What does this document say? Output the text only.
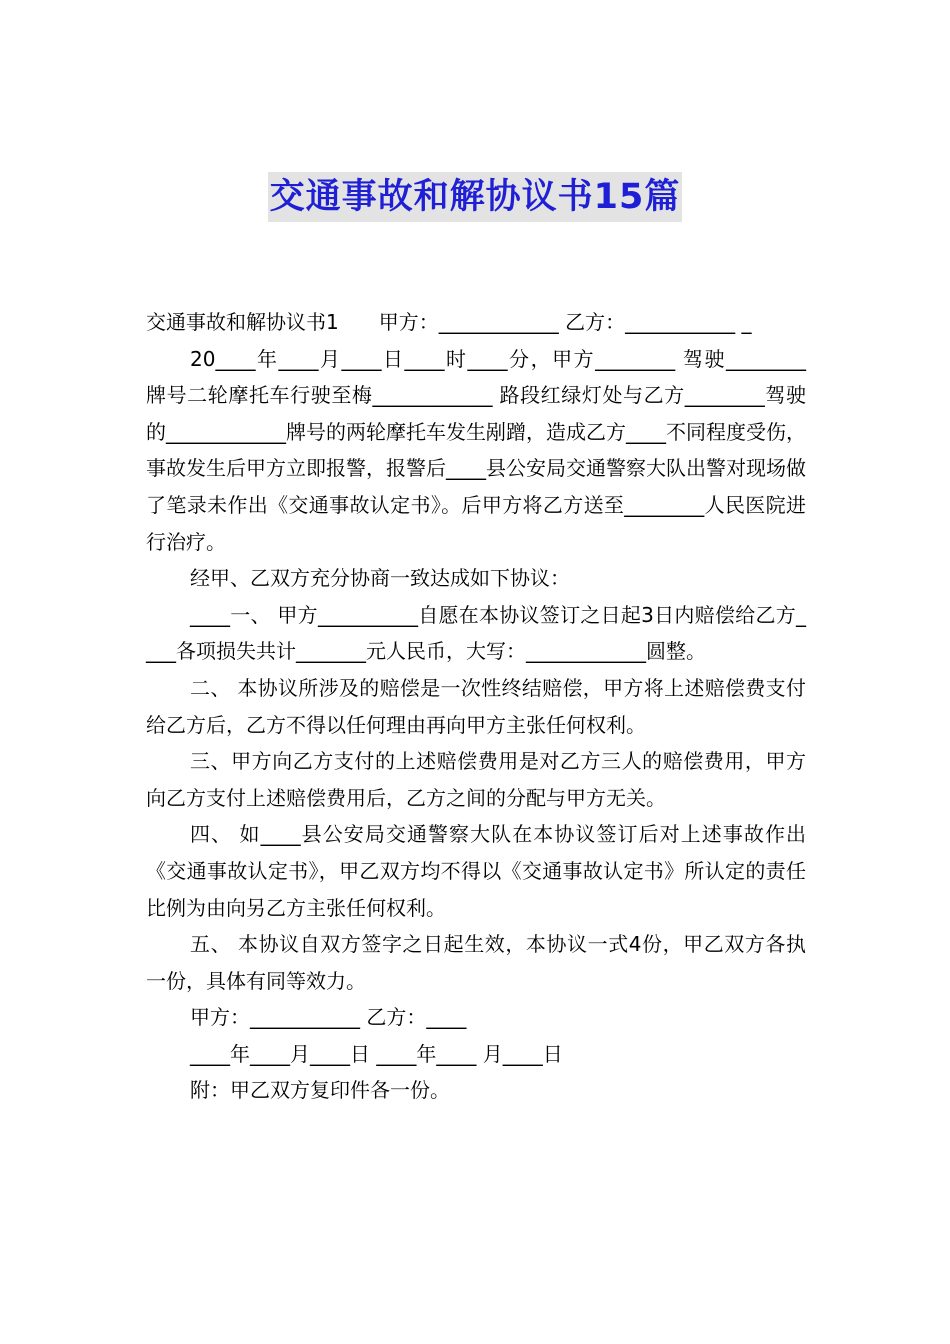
交通事故和解协议书15篇

交通事故和解协议书1　　甲方：____________ 乙方：___________ _

20____年____月____日____时____分，甲方________ 驾驶________ 牌号二轮摩托车行驶至梅____________ 路段红绿灯处与乙方________驾驶的____________牌号的两轮摩托车发生剐蹭，造成乙方____不同程度受伤，事故发生后甲方立即报警，报警后____县公安局交通警察大队出警对现场做了笔录未作出《交通事故认定书》。后甲方将乙方送至________人民医院进行治疗。

经甲、乙双方充分协商一致达成如下协议：

____一、 甲方__________自愿在本协议签订之日起3日内赔偿给乙方____各项损失共计_______元人民币，大写：____________圆整。

二、 本协议所涉及的赔偿是一次性终结赔偿，甲方将上述赔偿费支付给乙方后，乙方不得以任何理由再向甲方主张任何权利。

三、甲方向乙方支付的上述赔偿费用是对乙方三人的赔偿费用，甲方向乙方支付上述赔偿费用后，乙方之间的分配与甲方无关。

四、 如____县公安局交通警察大队在本协议签订后对上述事故作出《交通事故认定书》，甲乙双方均不得以《交通事故认定书》所认定的责任比例为由向另乙方主张任何权利。

五、 本协议自双方签字之日起生效，本协议一式4份，甲乙双方各执一份，具体有同等效力。

甲方：___________ 乙方：____

____年____月____日 ____年____ 月____日

附：甲乙双方复印件各一份。
